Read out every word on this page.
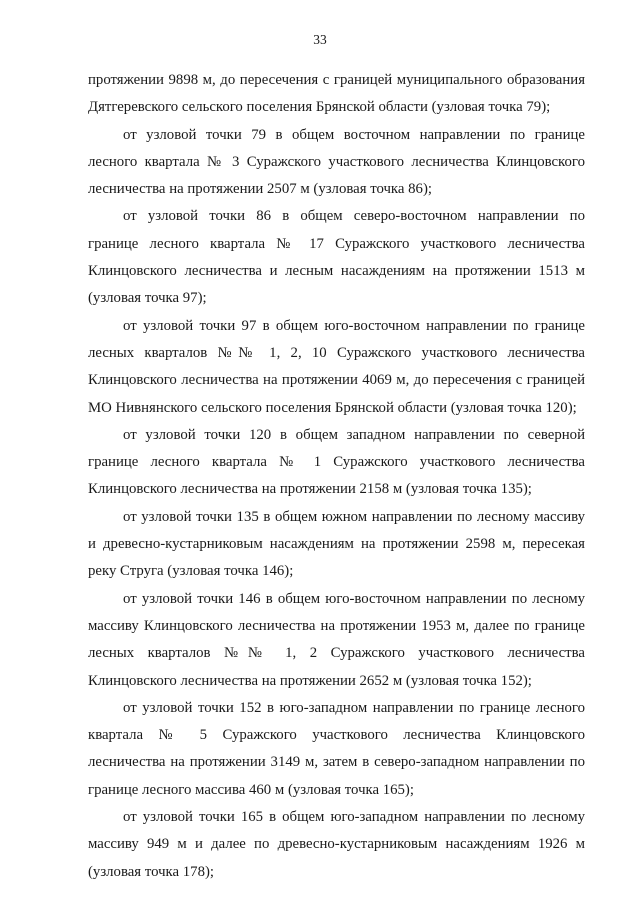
33
протяжении 9898 м, до пересечения с границей муниципального образования
Дятгеревского сельского поселения Брянской области (узловая точка 79);
от узловой точки 79 в общем восточном направлении по границе
лесного квартала № 3 Суражского участкового лесничества Клинцовского
лесничества на протяжении 2507 м (узловая точка 86);
от узловой точки 86 в общем северо-восточном направлении по
границе лесного квартала № 17 Суражского участкового лесничества
Клинцовского лесничества и лесным насаждениям на протяжении 1513 м
(узловая точка 97);
от узловой точки 97 в общем юго-восточном направлении по границе
лесных кварталов №№ 1, 2, 10 Суражского участкового лесничества
Клинцовского лесничества на протяжении 4069 м, до пересечения с границей
МО Нивнянского сельского поселения Брянской области (узловая точка 120);
от узловой точки 120 в общем западном направлении по северной
границе лесного квартала № 1 Суражского участкового лесничества
Клинцовского лесничества на протяжении 2158 м (узловая точка 135);
от узловой точки 135 в общем южном направлении по лесному массиву
и древесно-кустарниковым насаждениям на протяжении 2598 м, пересекая
реку Струга (узловая точка 146);
от узловой точки 146 в общем юго-восточном направлении по лесному
массиву Клинцовского лесничества на протяжении 1953 м, далее по границе
лесных кварталов №№ 1, 2 Суражского участкового лесничества
Клинцовского лесничества на протяжении 2652 м (узловая точка 152);
от узловой точки 152 в юго-западном направлении по границе лесного
квартала № 5 Суражского участкового лесничества Клинцовского
лесничества на протяжении 3149 м, затем в северо-западном направлении по
границе лесного массива 460 м (узловая точка 165);
от узловой точки 165 в общем юго-западном направлении по лесному
массиву 949 м и далее по древесно-кустарниковым насаждениям 1926 м
(узловая точка 178);
